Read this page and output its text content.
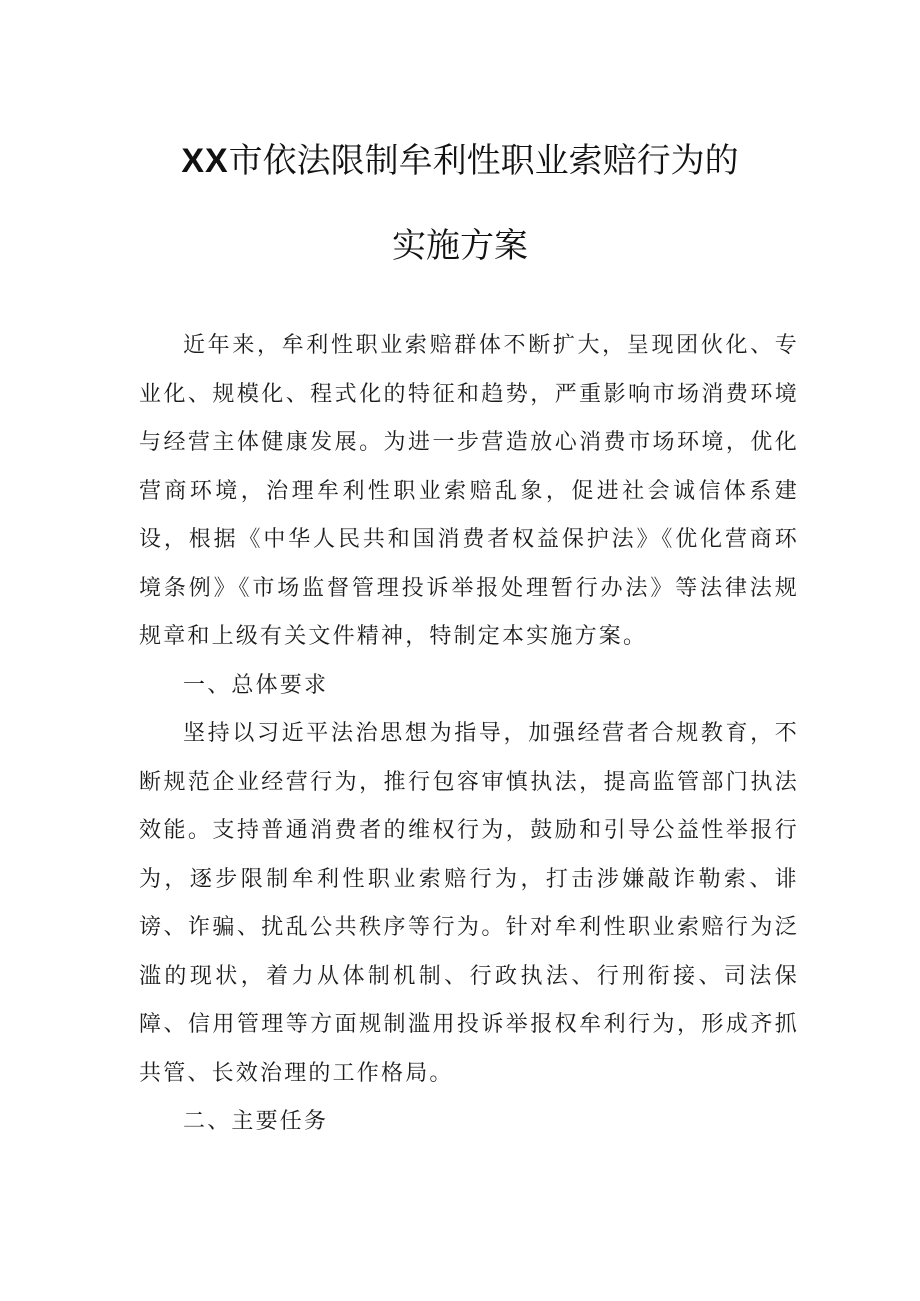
XX市依法限制牟利性职业索赔行为的
实施方案

近年来，牟利性职业索赔群体不断扩大，呈现团伙化、专业化、规模化、程式化的特征和趋势，严重影响市场消费环境与经营主体健康发展。为进一步营造放心消费市场环境，优化营商环境，治理牟利性职业索赔乱象，促进社会诚信体系建设，根据《中华人民共和国消费者权益保护法》《优化营商环境条例》《市场监督管理投诉举报处理暂行办法》等法律法规规章和上级有关文件精神，特制定本实施方案。

一、总体要求

坚持以习近平法治思想为指导，加强经营者合规教育，不断规范企业经营行为，推行包容审慎执法，提高监管部门执法效能。支持普通消费者的维权行为，鼓励和引导公益性举报行为，逐步限制牟利性职业索赔行为，打击涉嫌敲诈勒索、诽谤、诈骗、扰乱公共秩序等行为。针对牟利性职业索赔行为泛滥的现状，着力从体制机制、行政执法、行刑衔接、司法保障、信用管理等方面规制滥用投诉举报权牟利行为，形成齐抓共管、长效治理的工作格局。

二、主要任务
